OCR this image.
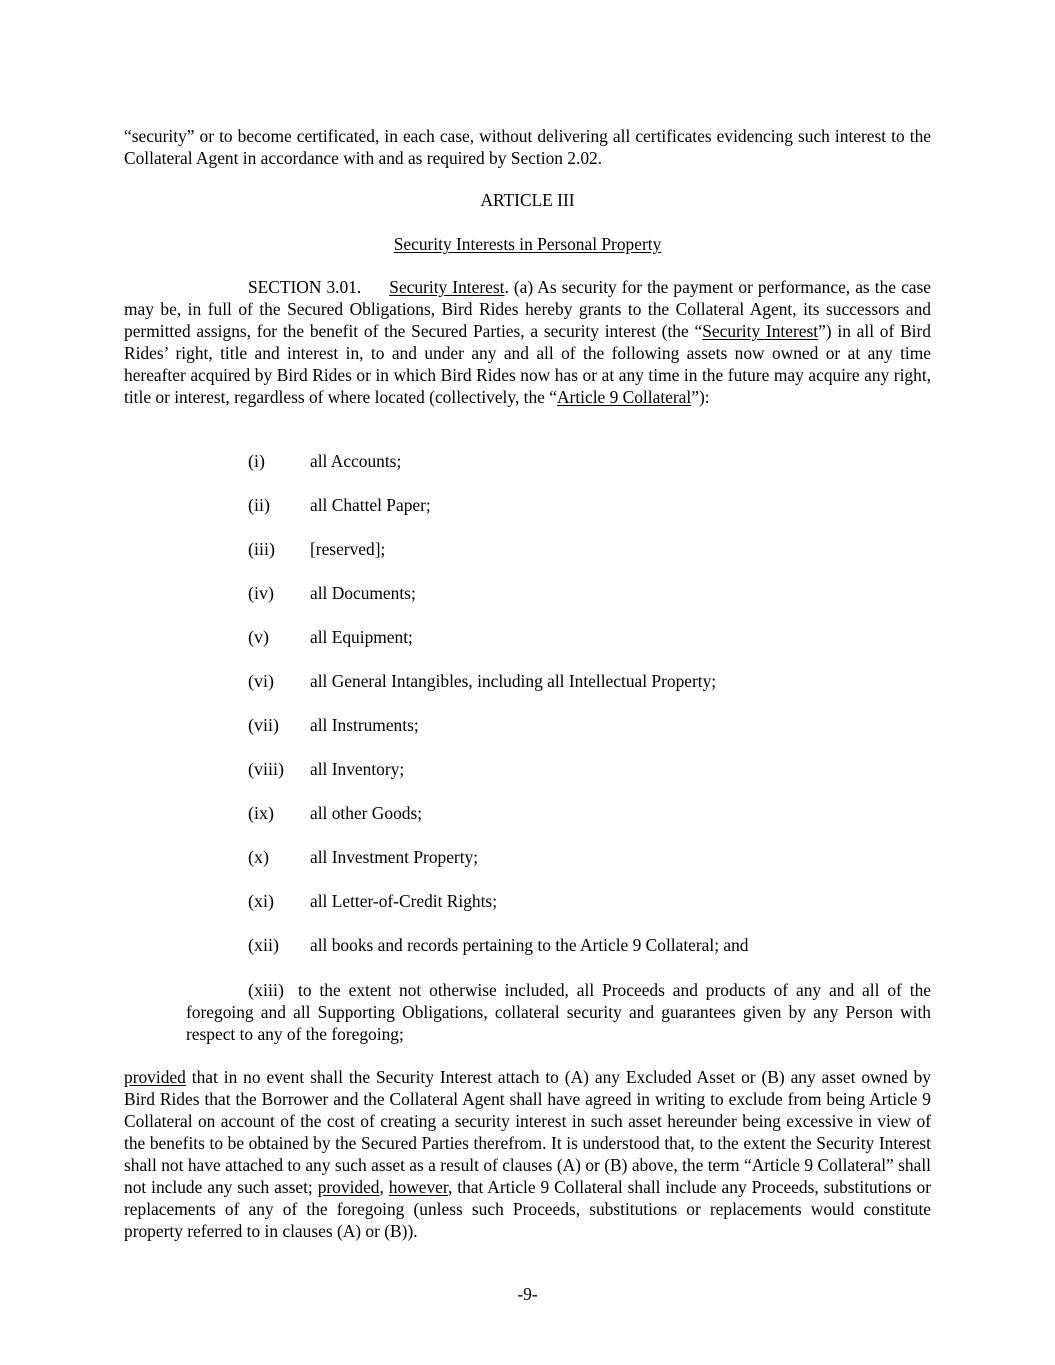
“security” or to become certificated, in each case, without delivering all certificates evidencing such interest to the Collateral Agent in accordance with and as required by Section 2.02.

ARTICLE III

Security Interests in Personal Property

SECTION 3.01. Security Interest. (a) As security for the payment or performance, as the case may be, in full of the Secured Obligations, Bird Rides hereby grants to the Collateral Agent, its successors and permitted assigns, for the benefit of the Secured Parties, a security interest (the “Security Interest”) in all of Bird Rides’ right, title and interest in, to and under any and all of the following assets now owned or at any time hereafter acquired by Bird Rides or in which Bird Rides now has or at any time in the future may acquire any right, title or interest, regardless of where located (collectively, the “Article 9 Collateral”):

(i)	all Accounts;
(ii) all Chattel Paper;
(iii) [reserved];
(iv) all Documents;
(v) all Equipment;
(vi) all General Intangibles, including all Intellectual Property;
(vii) all Instruments;
(viii) all Inventory;
(ix) all other Goods;
(x) all Investment Property;
(xi) all Letter-of-Credit Rights;
(xii) all books and records pertaining to the Article 9 Collateral; and

(xiii) to the extent not otherwise included, all Proceeds and products of any and all of the foregoing and all Supporting Obligations, collateral security and guarantees given by any Person with respect to any of the foregoing;

provided that in no event shall the Security Interest attach to (A) any Excluded Asset or (B) any asset owned by Bird Rides that the Borrower and the Collateral Agent shall have agreed in writing to exclude from being Article 9 Collateral on account of the cost of creating a security interest in such asset hereunder being excessive in view of the benefits to be obtained by the Secured Parties therefrom. It is understood that, to the extent the Security Interest shall not have attached to any such asset as a result of clauses (A) or (B) above, the term “Article 9 Collateral” shall not include any such asset; provided, however, that Article 9 Collateral shall include any Proceeds, substitutions or replacements of any of the foregoing (unless such Proceeds, substitutions or replacements would constitute property referred to in clauses (A) or (B)).

-9-
